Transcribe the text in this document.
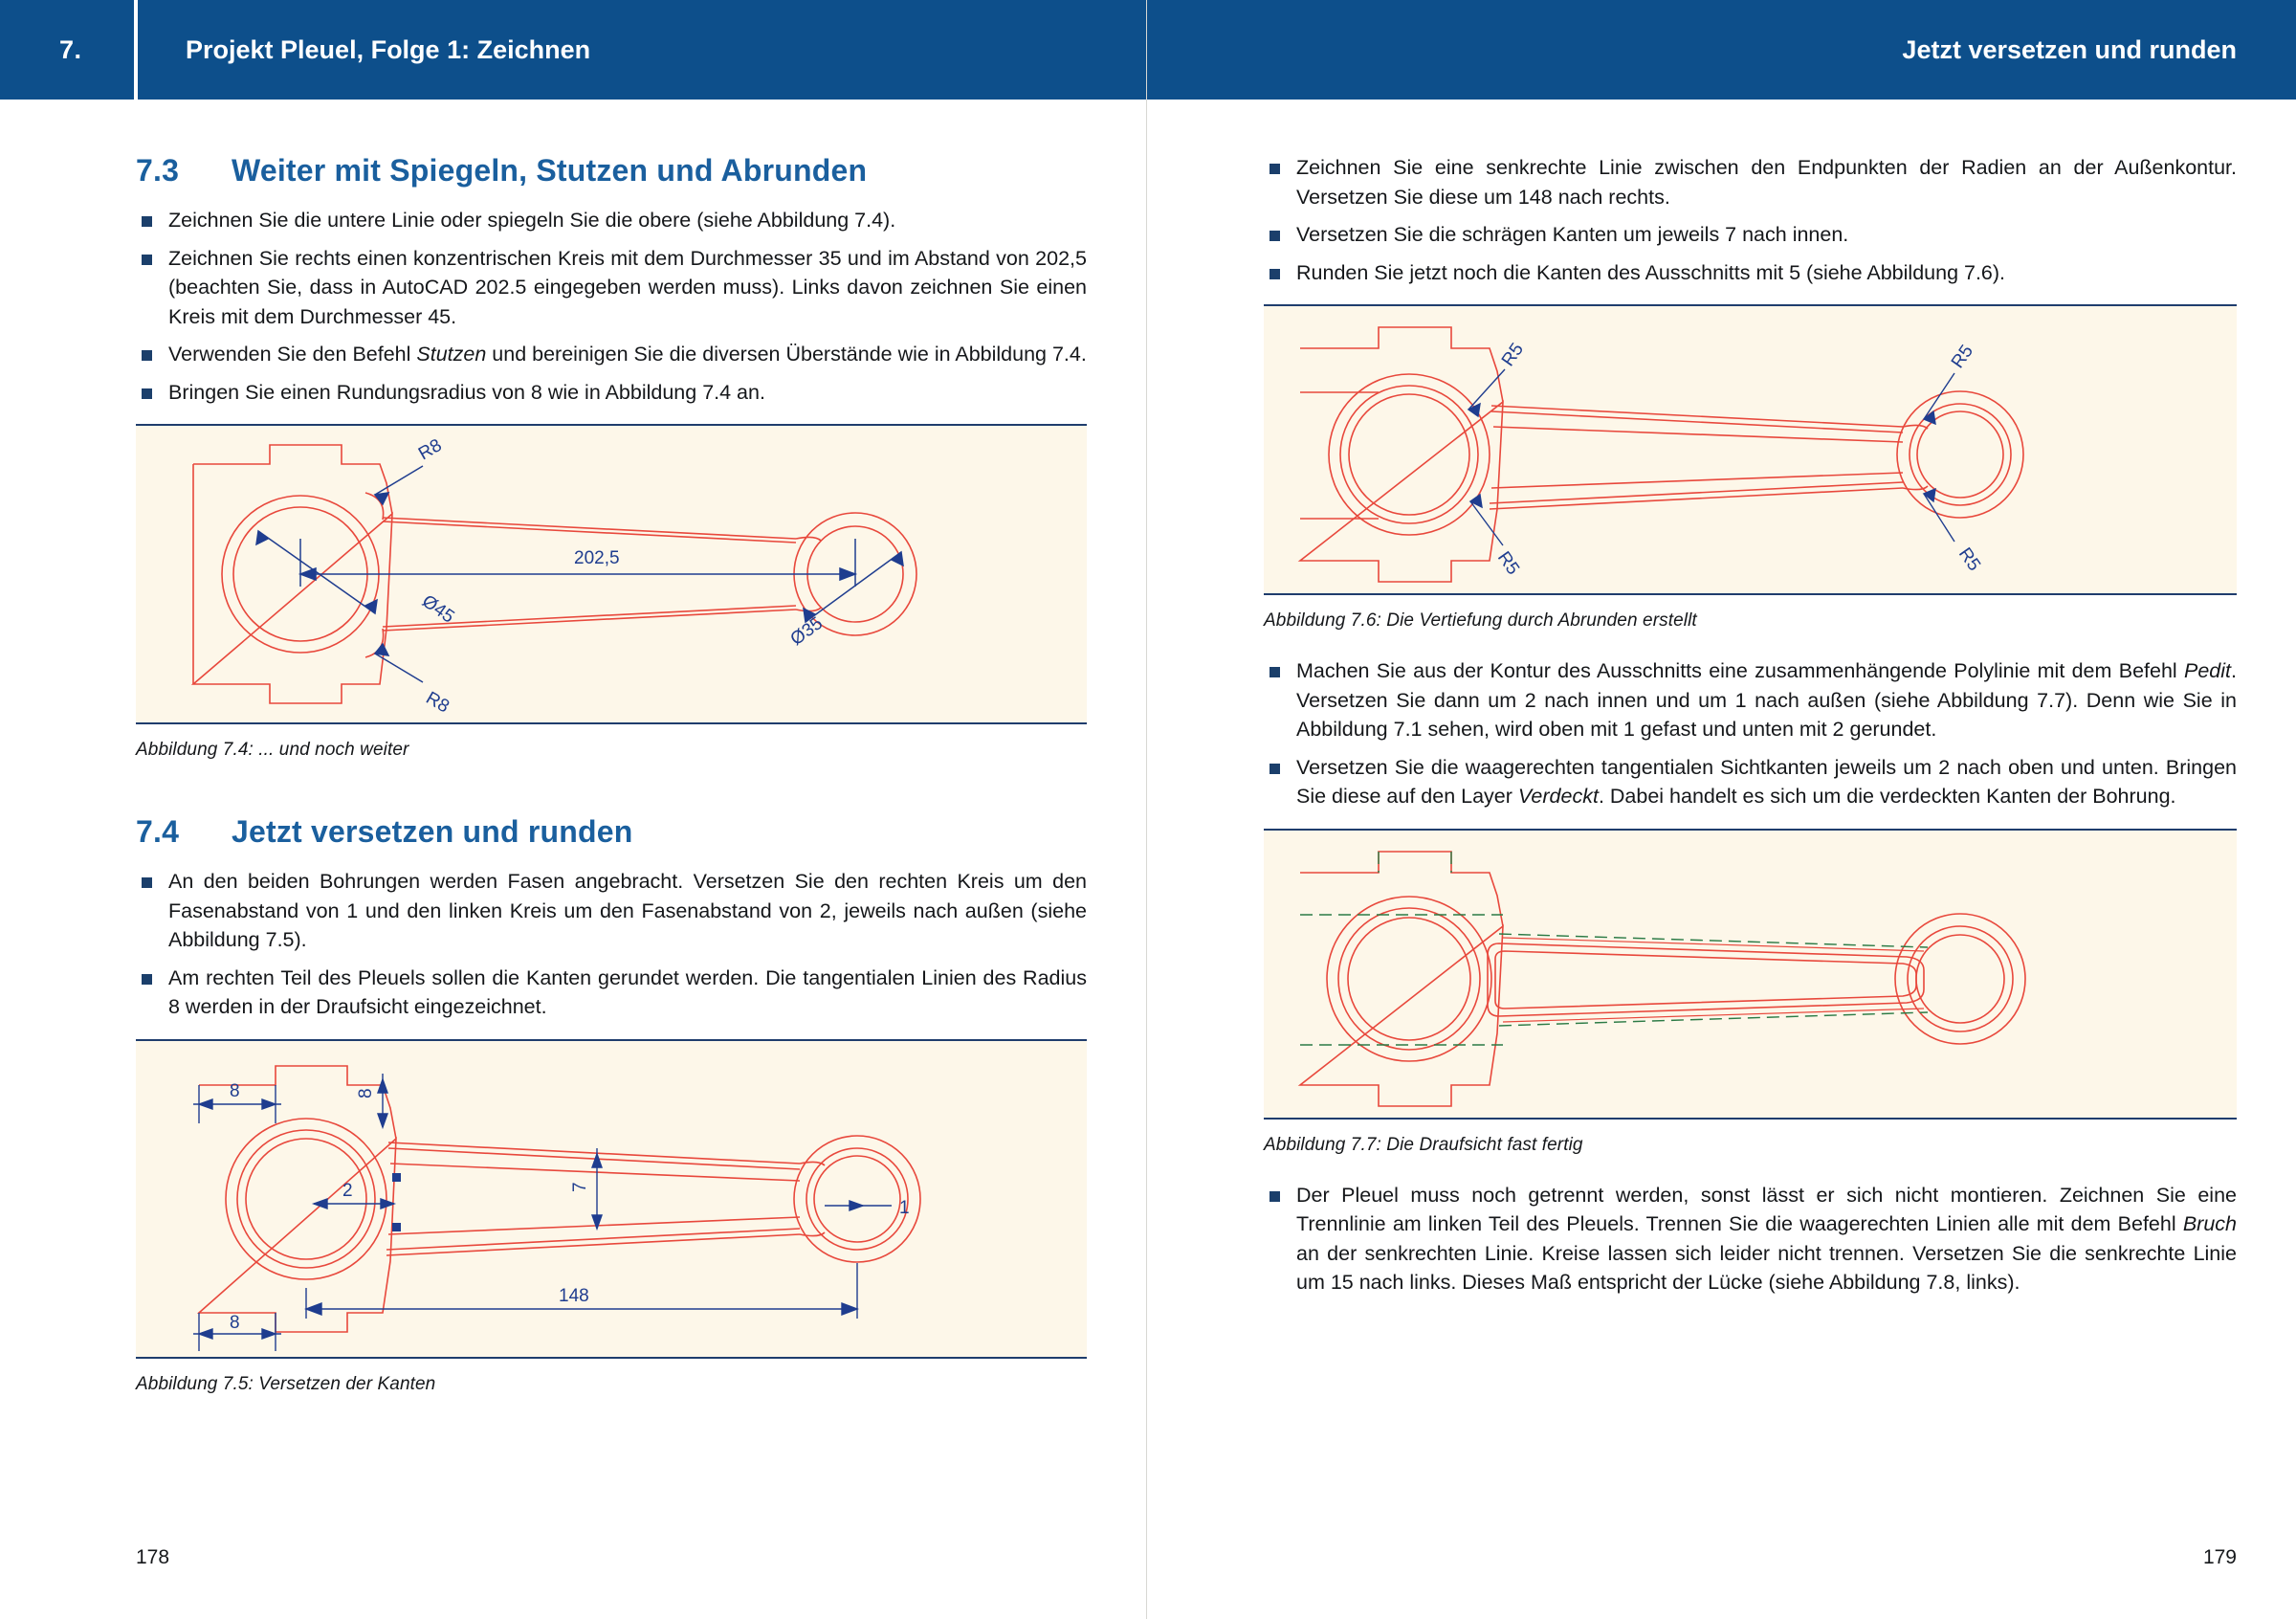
7.	Projekt Pleuel, Folge 1: Zeichnen
7.3	Weiter mit Spiegeln, Stutzen und Abrunden
Zeichnen Sie die untere Linie oder spiegeln Sie die obere (siehe Abbildung 7.4).
Zeichnen Sie rechts einen konzentrischen Kreis mit dem Durchmesser 35 und im Abstand von 202,5 (beachten Sie, dass in AutoCAD 202.5 eingegeben werden muss). Links davon zeichnen Sie einen Kreis mit dem Durchmesser 45.
Verwenden Sie den Befehl Stutzen und bereinigen Sie die diversen Überstände wie in Abbildung 7.4.
Bringen Sie einen Rundungsradius von 8 wie in Abbildung 7.4 an.
R8
202,5
Ø45
R8
Ø35
Abbildung 7.4: ... und noch weiter
7.4	Jetzt versetzen und runden
An den beiden Bohrungen werden Fasen angebracht. Versetzen Sie den rechten Kreis um den Fasenabstand von 1 und den linken Kreis um den Fasenabstand von 2, jeweils nach außen (siehe Abbildung 7.5).
Am rechten Teil des Pleuels sollen die Kanten gerundet werden. Die tangentialen Linien des Radius 8 werden in der Draufsicht eingezeichnet.
8
8
8
2	7
1
148
Abbildung 7.5: Versetzen der Kanten
178
Jetzt versetzen und runden
Zeichnen Sie eine senkrechte Linie zwischen den Endpunkten der Radien an der Außenkontur. Versetzen Sie diese um 148 nach rechts.
Versetzen Sie die schrägen Kanten um jeweils 7 nach innen.
Runden Sie jetzt noch die Kanten des Ausschnitts mit 5 (siehe Abbildung 7.6).
R5
R5
R5
R5
Abbildung 7.6: Die Vertiefung durch Abrunden erstellt
Machen Sie aus der Kontur des Ausschnitts eine zusammenhängende Polylinie mit dem Befehl Pedit. Versetzen Sie dann um 2 nach innen und um 1 nach außen (siehe Abbildung 7.7). Denn wie Sie in Abbildung 7.1 sehen, wird oben mit 1 gefast und unten mit 2 gerundet.
Versetzen Sie die waagerechten tangentialen Sichtkanten jeweils um 2 nach oben und unten. Bringen Sie diese auf den Layer Verdeckt. Dabei handelt es sich um die verdeckten Kanten der Bohrung.
Abbildung 7.7: Die Draufsicht fast fertig
Der Pleuel muss noch getrennt werden, sonst lässt er sich nicht montieren. Zeichnen Sie eine Trennlinie am linken Teil des Pleuels. Trennen Sie die waagerechten Linien alle mit dem Befehl Bruch an der senkrechten Linie. Kreise lassen sich leider nicht trennen. Versetzen Sie die senkrechte Linie um 15 nach links. Dieses Maß entspricht der Lücke (siehe Abbildung 7.8, links).
179
